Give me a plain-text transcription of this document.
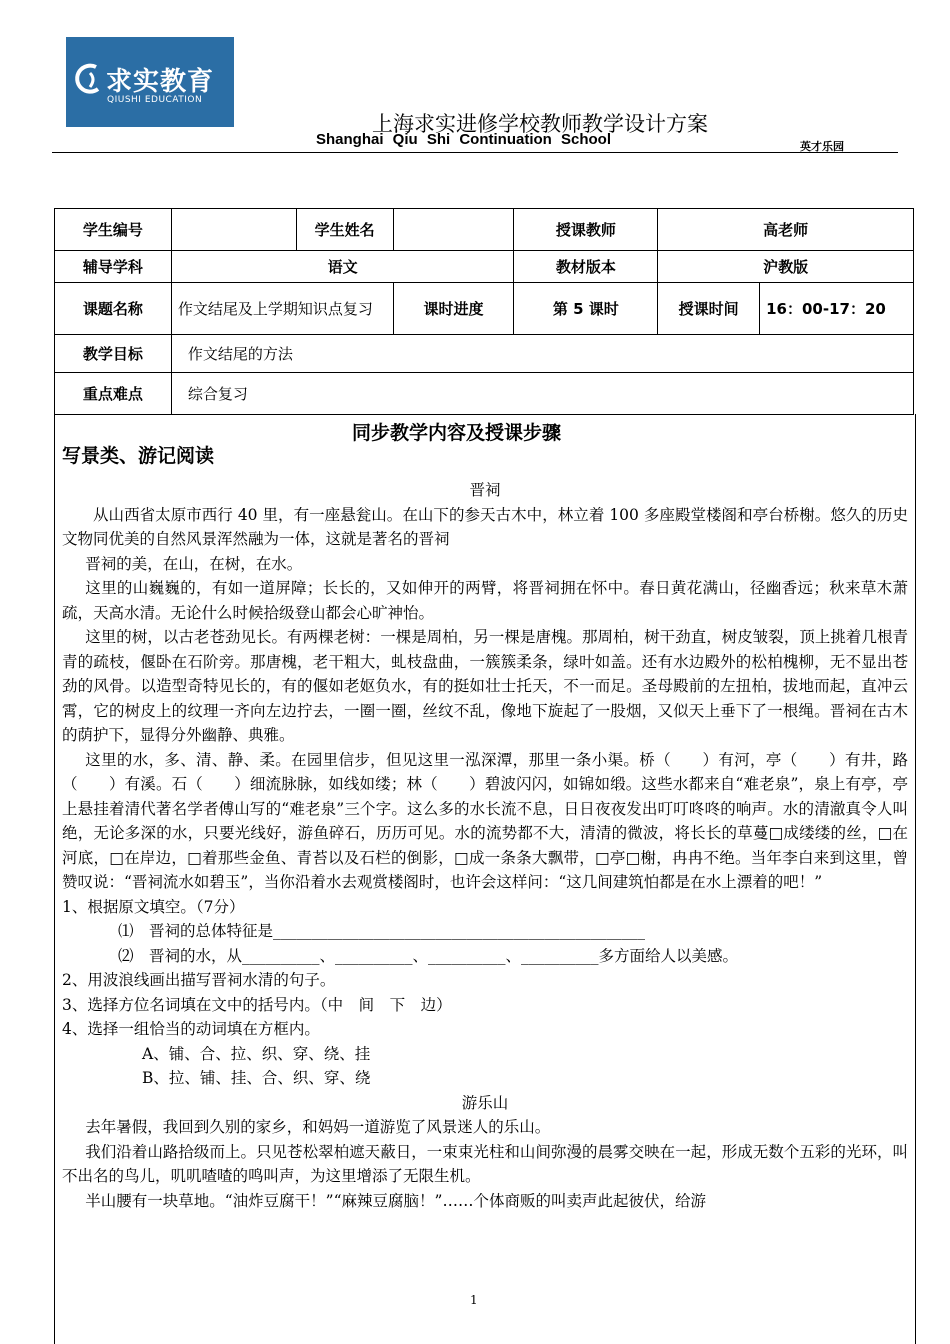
求实教育
QIUSHI EDUCATION
上海求实进修学校教师教学设计方案
Shanghai Qiu Shi Continuation School	英才乐园
学生编号		学生姓名		授课教师	高老师	
辅导学科	语文			教材版本	沪教版	
课题名称	作文结尾及上学期知识点复习		课时进度	第 5 课时	授课时间	16：00-17：20
教学目标	作文结尾的方法					
重点难点	综合复习					
同步教学内容及授课步骤
写景类、游记阅读

晋祠

从山西省太原市西行 40 里，有一座悬瓮山。在山下的参天古木中，林立着 100 多座殿堂楼阁和亭台桥榭。悠久的历史文物同优美的自然风景浑然融为一体，这就是著名的晋祠

晋祠的美，在山，在树，在水。

这里的山巍巍的，有如一道屏障；长长的，又如伸开的两臂，将晋祠拥在怀中。春日黄花满山，径幽香远；秋来草木萧疏，天高水清。无论什么时候拾级登山都会心旷神怡。

这里的树，以古老苍劲见长。有两棵老树：一棵是周柏，另一棵是唐槐。那周柏，树干劲直，树皮皱裂，顶上挑着几根青青的疏枝，偃卧在石阶旁。那唐槐，老干粗大，虬枝盘曲，一簇簇柔条，绿叶如盖。还有水边殿外的松柏槐柳，无不显出苍劲的风骨。以造型奇特见长的，有的偃如老妪负水，有的挺如壮士托天，不一而足。圣母殿前的左扭柏，拔地而起，直冲云霄，它的树皮上的纹理一齐向左边拧去，一圈一圈，丝纹不乱，像地下旋起了一股烟，又似天上垂下了一根绳。晋祠在古木的荫护下，显得分外幽静、典雅。

这里的水，多、清、静、柔。在园里信步，但见这里一泓深潭，那里一条小渠。桥（　　）有河，亭（　　）有井，路（　　）有溪。石（　　）细流脉脉，如线如缕；林（　　）碧波闪闪，如锦如缎。这些水都来自“难老泉”，泉上有亭，亭上悬挂着清代著名学者傅山写的“难老泉”三个字。这么多的水长流不息，日日夜夜发出叮叮咚咚的响声。水的清澈真令人叫绝，无论多深的水，只要光线好，游鱼碎石，历历可见。水的流势都不大，清清的微波，将长长的草蔓□成缕缕的丝，□在河底，□在岸边，□着那些金鱼、青苔以及石栏的倒影，□成一条条大飘带，□亭□榭，冉冉不绝。当年李白来到这里，曾赞叹说：“晋祠流水如碧玉”，当你沿着水去观赏楼阁时，也许会这样问：“这几间建筑怕都是在水上漂着的吧！”

1、根据原文填空。（7分）

⑴　晋祠的总体特征是________________________________________________

⑵　晋祠的水，从__________、__________、__________、__________多方面给人以美感。

2、用波浪线画出描写晋祠水清的句子。

3、选择方位名词填在文中的括号内。（中　间　下　边）

4、选择一组恰当的动词填在方框内。

A、铺、合、拉、织、穿、绕、挂

B、拉、铺、挂、合、织、穿、绕

游乐山

去年暑假，我回到久别的家乡，和妈妈一道游览了风景迷人的乐山。

我们沿着山路拾级而上。只见苍松翠柏遮天蔽日，一束束光柱和山间弥漫的晨雾交映在一起，形成无数个五彩的光环，叫不出名的鸟儿，叽叽喳喳的鸣叫声，为这里增添了无限生机。

半山腰有一块草地。“油炸豆腐干！”“麻辣豆腐脑！”……个体商贩的叫卖声此起彼伏，给游

1
